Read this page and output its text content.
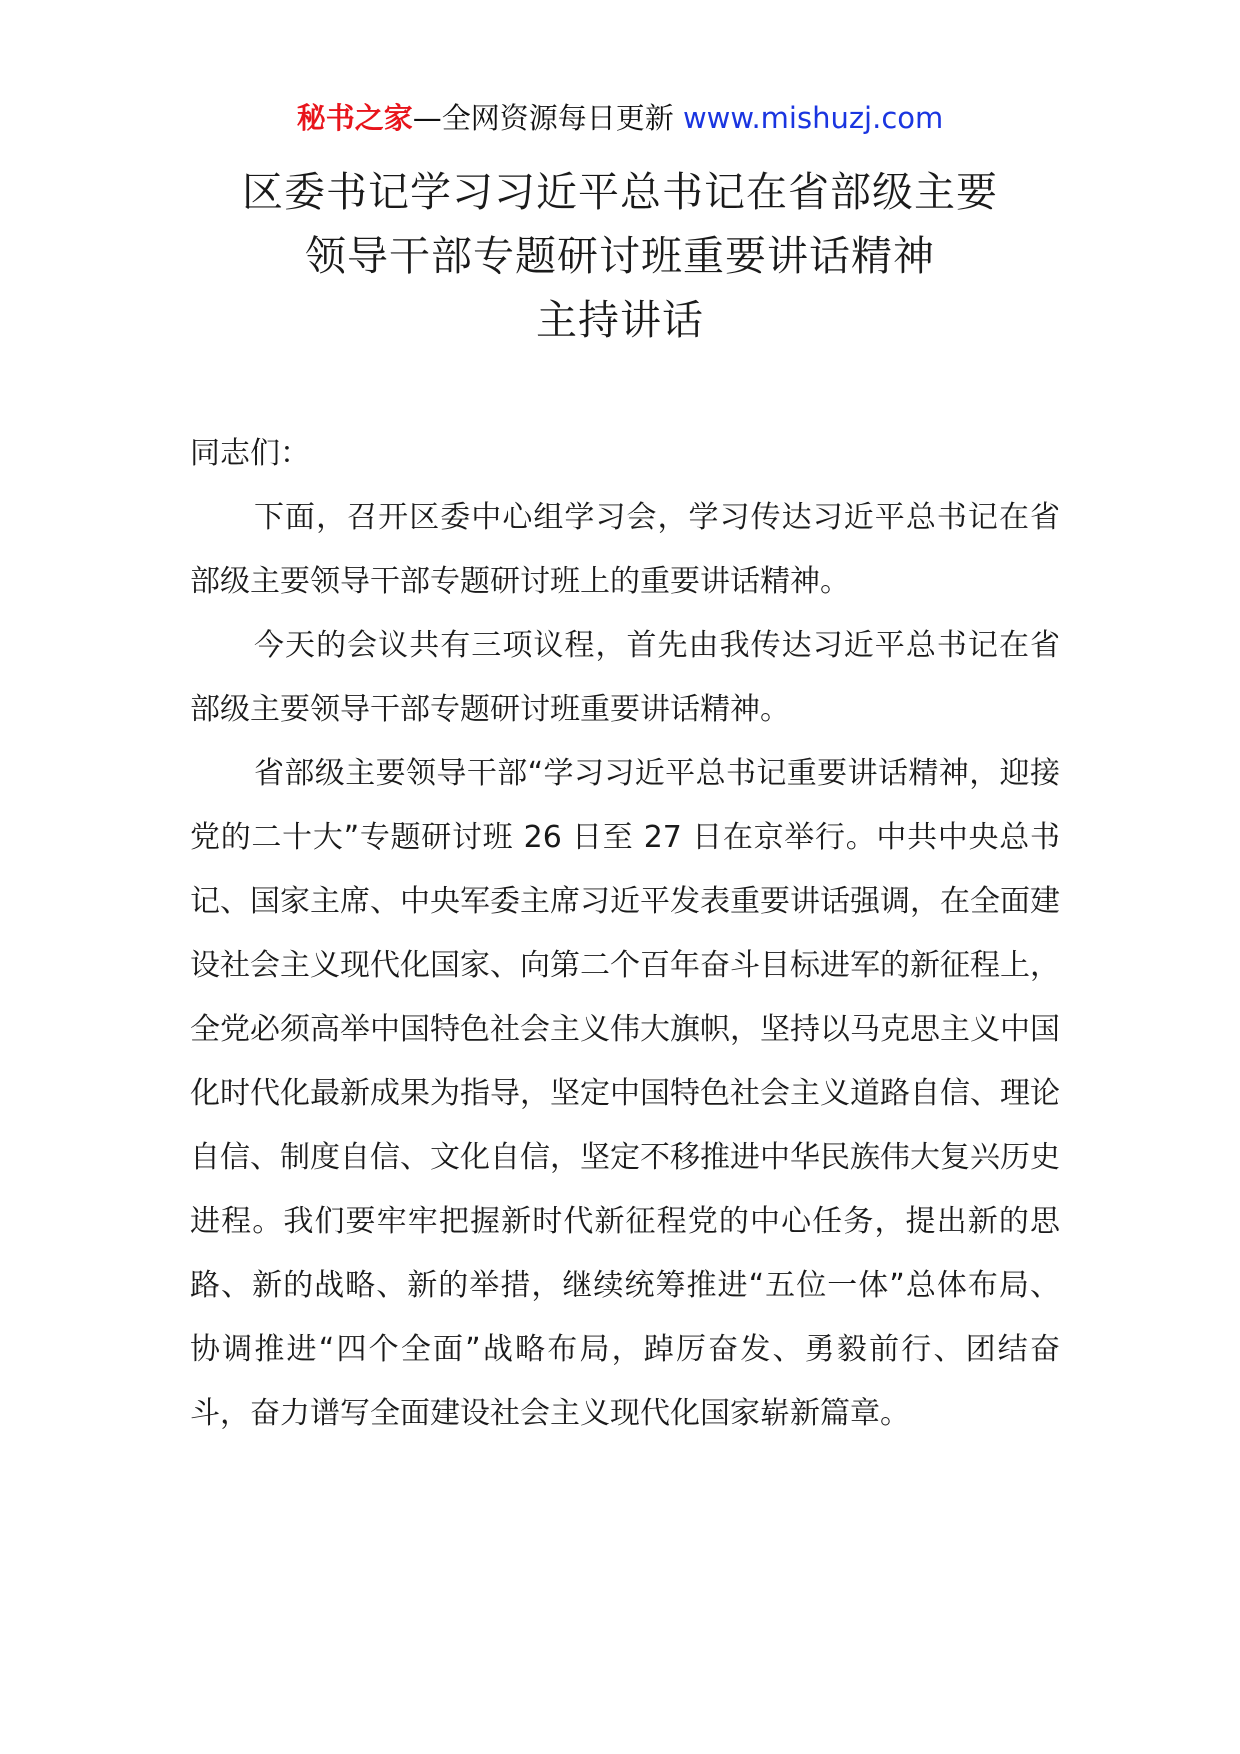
秘书之家—全网资源每日更新 www.mishuzj.com
区委书记学习习近平总书记在省部级主要
领导干部专题研讨班重要讲话精神
主持讲话

同志们：

下面，召开区委中心组学习会，学习传达习近平总书记在省部级主要领导干部专题研讨班上的重要讲话精神。

今天的会议共有三项议程，首先由我传达习近平总书记在省部级主要领导干部专题研讨班重要讲话精神。

省部级主要领导干部“学习习近平总书记重要讲话精神，迎接党的二十大”专题研讨班 26 日至 27 日在京举行。中共中央总书记、国家主席、中央军委主席习近平发表重要讲话强调，在全面建设社会主义现代化国家、向第二个百年奋斗目标进军的新征程上，全党必须高举中国特色社会主义伟大旗帜，坚持以马克思主义中国化时代化最新成果为指导，坚定中国特色社会主义道路自信、理论自信、制度自信、文化自信，坚定不移推进中华民族伟大复兴历史进程。我们要牢牢把握新时代新征程党的中心任务，提出新的思路、新的战略、新的举措，继续统筹推进“五位一体”总体布局、协调推进“四个全面”战略布局，踔厉奋发、勇毅前行、团结奋斗，奋力谱写全面建设社会主义现代化国家崭新篇章。
